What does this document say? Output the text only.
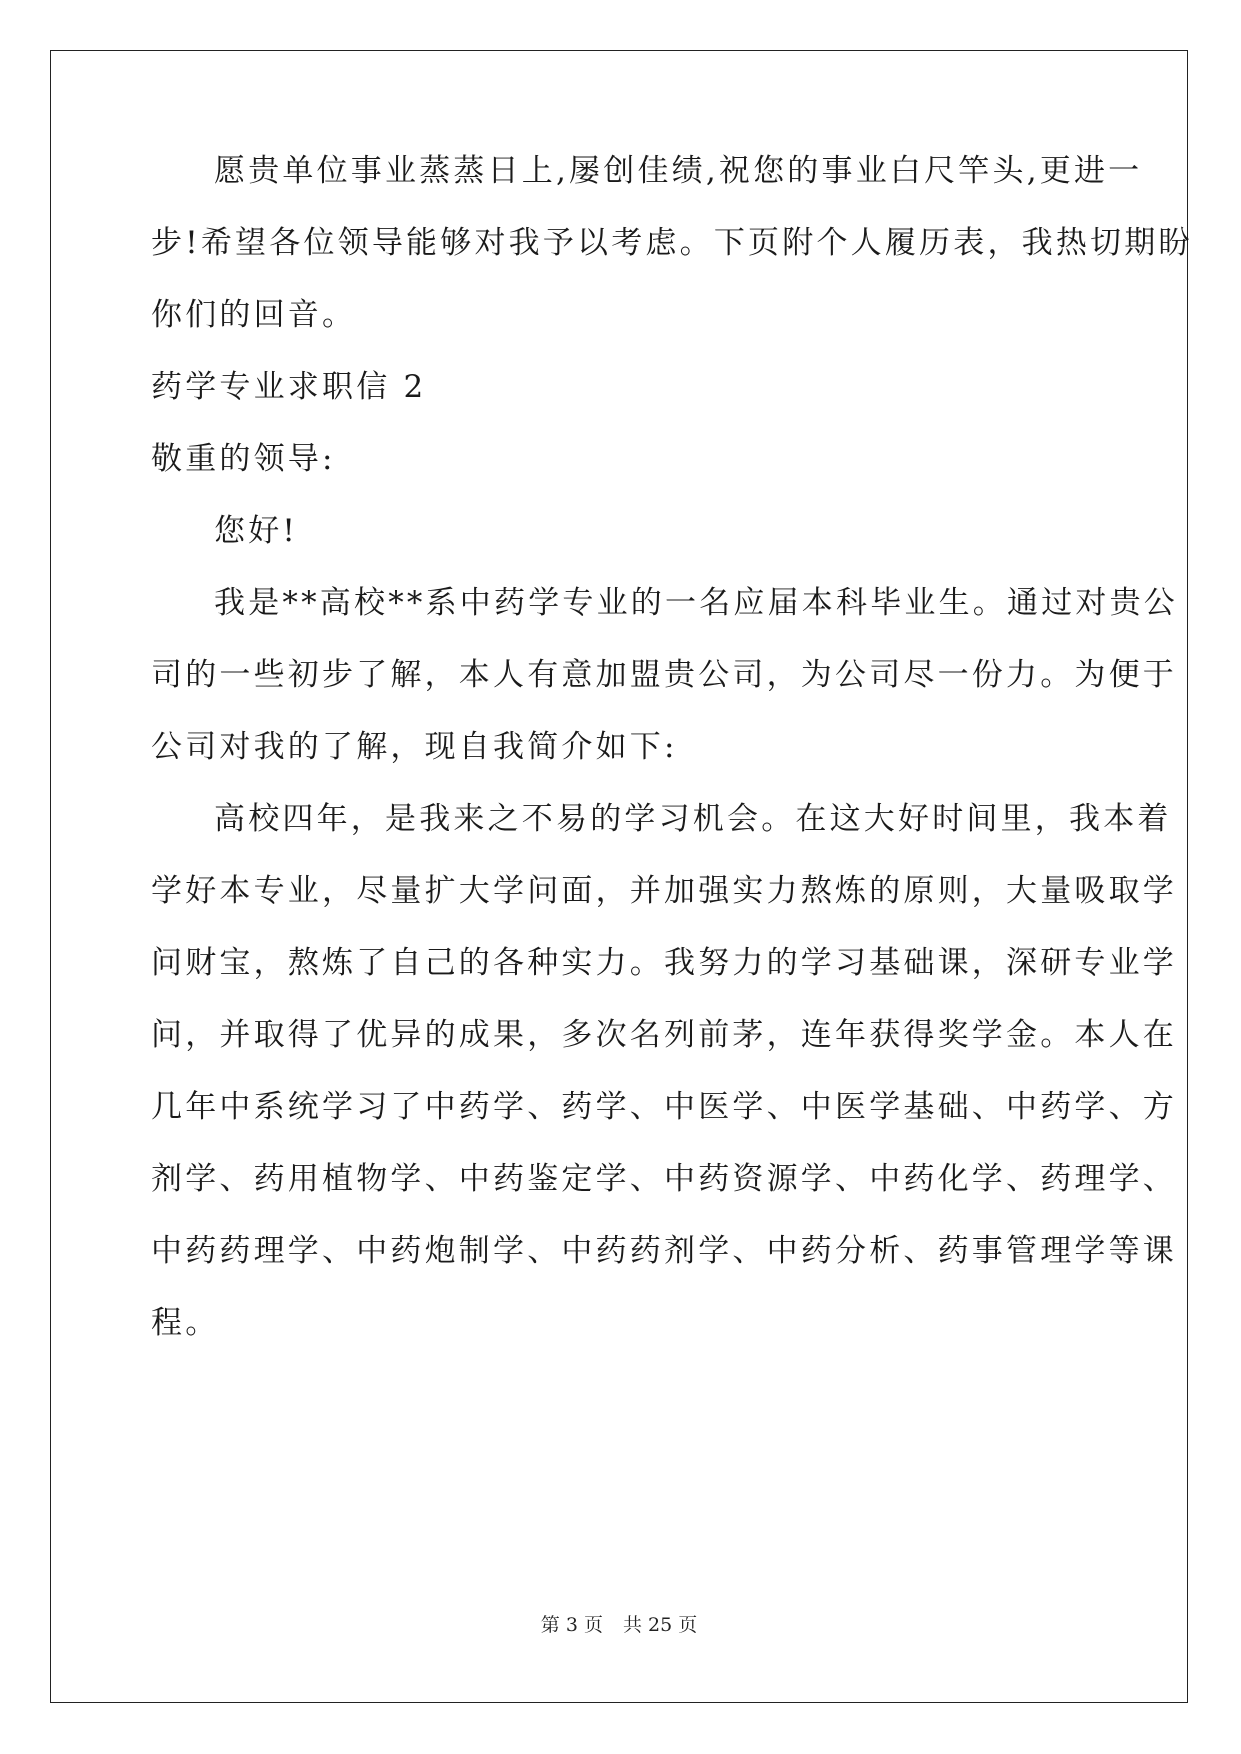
愿贵单位事业蒸蒸日上,屡创佳绩,祝您的事业白尺竿头,更进一
步!希望各位领导能够对我予以考虑。下页附个人履历表，我热切期盼
你们的回音。
药学专业求职信 2
敬重的领导:
您好!
我是**高校**系中药学专业的一名应届本科毕业生。通过对贵公
司的一些初步了解，本人有意加盟贵公司，为公司尽一份力。为便于
公司对我的了解，现自我简介如下:
高校四年，是我来之不易的学习机会。在这大好时间里，我本着
学好本专业，尽量扩大学问面，并加强实力熬炼的原则，大量吸取学
问财宝，熬炼了自己的各种实力。我努力的学习基础课，深研专业学
问，并取得了优异的成果，多次名列前茅，连年获得奖学金。本人在
几年中系统学习了中药学、药学、中医学、中医学基础、中药学、方
剂学、药用植物学、中药鉴定学、中药资源学、中药化学、药理学、
中药药理学、中药炮制学、中药药剂学、中药分析、药事管理学等课
程。
第 3 页 共 25 页
